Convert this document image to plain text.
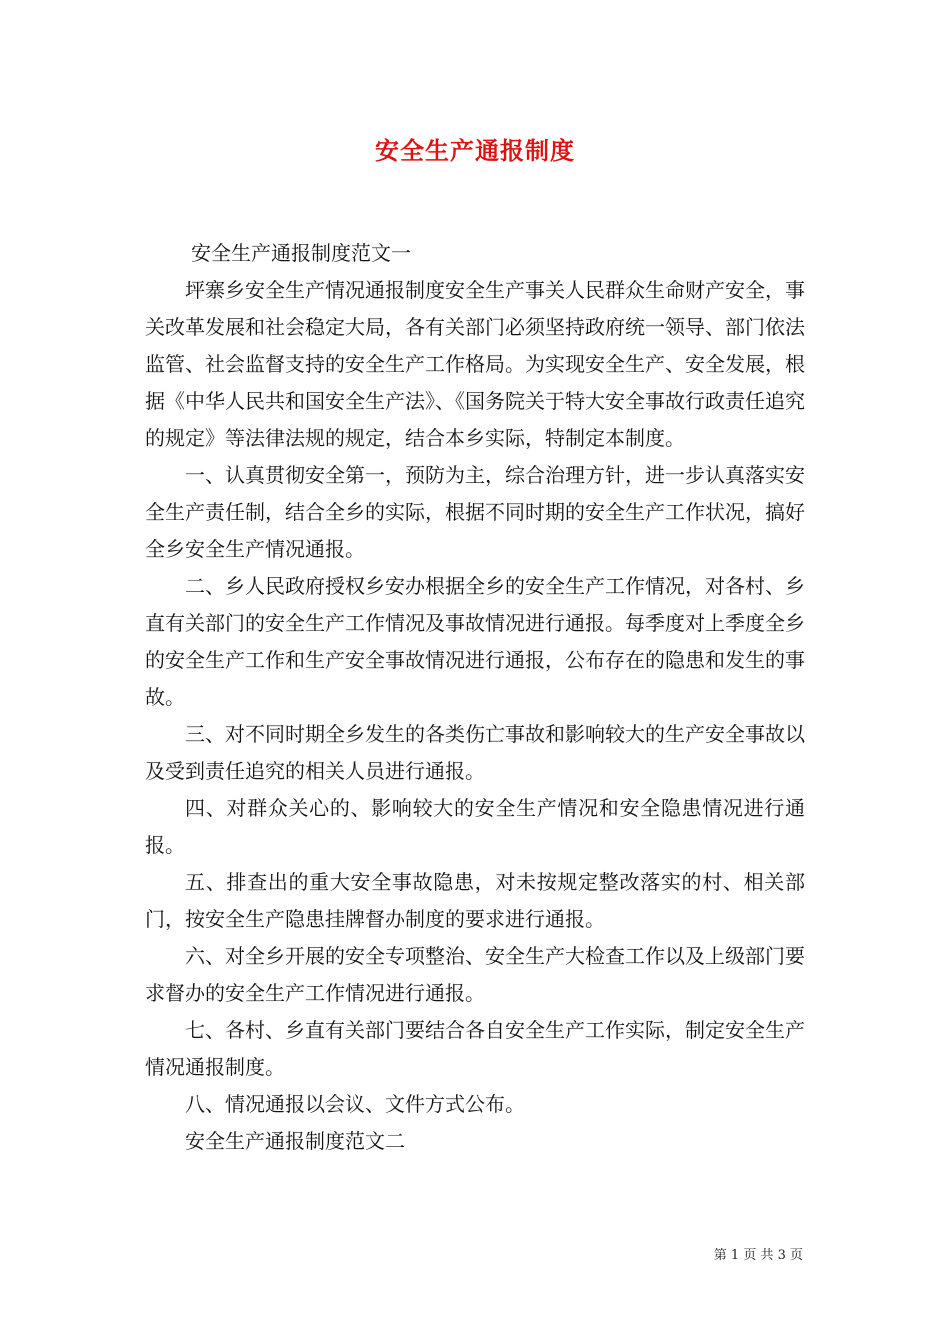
安全生产通报制度

安全生产通报制度范文一

坪寨乡安全生产情况通报制度安全生产事关人民群众生命财产安全，事关改革发展和社会稳定大局，各有关部门必须坚持政府统一领导、部门依法监管、社会监督支持的安全生产工作格局。为实现安全生产、安全发展，根据《中华人民共和国安全生产法》、《国务院关于特大安全事故行政责任追究的规定》等法律法规的规定，结合本乡实际，特制定本制度。

一、认真贯彻安全第一，预防为主，综合治理方针，进一步认真落实安全生产责任制，结合全乡的实际，根据不同时期的安全生产工作状况，搞好全乡安全生产情况通报。

二、乡人民政府授权乡安办根据全乡的安全生产工作情况，对各村、乡直有关部门的安全生产工作情况及事故情况进行通报。每季度对上季度全乡的安全生产工作和生产安全事故情况进行通报，公布存在的隐患和发生的事故。

三、对不同时期全乡发生的各类伤亡事故和影响较大的生产安全事故以及受到责任追究的相关人员进行通报。

四、对群众关心的、影响较大的安全生产情况和安全隐患情况进行通报。

五、排查出的重大安全事故隐患，对未按规定整改落实的村、相关部门，按安全生产隐患挂牌督办制度的要求进行通报。

六、对全乡开展的安全专项整治、安全生产大检查工作以及上级部门要求督办的安全生产工作情况进行通报。

七、各村、乡直有关部门要结合各自安全生产工作实际，制定安全生产情况通报制度。

八、情况通报以会议、文件方式公布。

安全生产通报制度范文二

第 1 页 共 3 页
